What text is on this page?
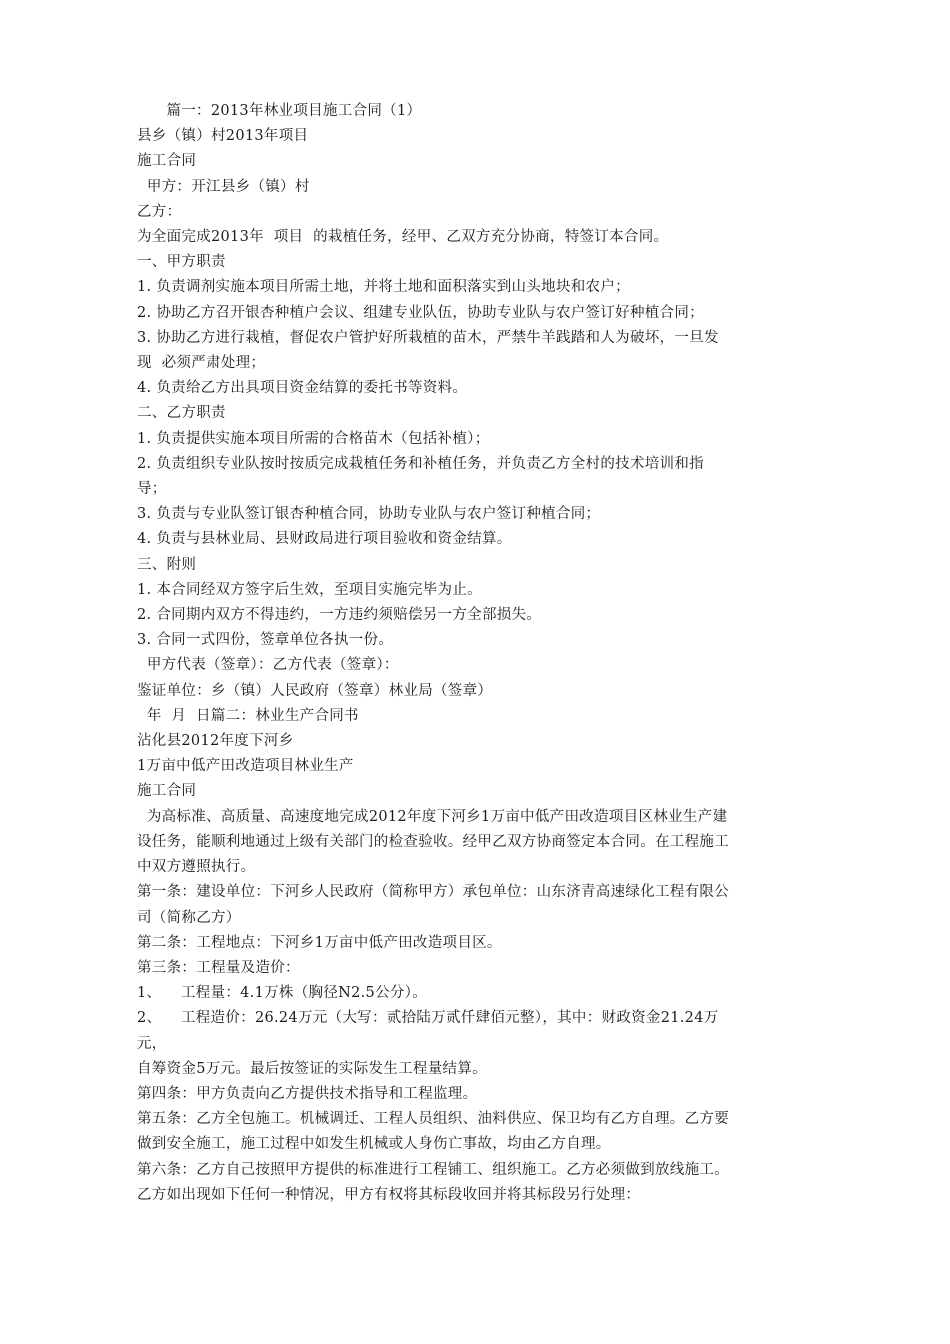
篇一：2013年林业项目施工合同（1）
县乡（镇）村2013年项目
施工合同
甲方：开江县乡（镇）村
乙方：
为全面完成2013年  项目  的栽植任务，经甲、乙双方充分协商，特签订本合同。
一、甲方职责
1. 负责调剂实施本项目所需土地，并将土地和面积落实到山头地块和农户；
2. 协助乙方召开银杏种植户会议、组建专业队伍，协助专业队与农户签订好种植合同；
3. 协助乙方进行栽植，督促农户管护好所栽植的苗木，严禁牛羊践踏和人为破坏，一旦发
现  必须严肃处理；
4. 负责给乙方出具项目资金结算的委托书等资料。
二、乙方职责
1. 负责提供实施本项目所需的合格苗木（包括补植）；
2. 负责组织专业队按时按质完成栽植任务和补植任务，并负责乙方全村的技术培训和指
导；
3. 负责与专业队签订银杏种植合同，协助专业队与农户签订种植合同；
4. 负责与县林业局、县财政局进行项目验收和资金结算。
三、附则
1. 本合同经双方签字后生效，至项目实施完毕为止。
2. 合同期内双方不得违约，一方违约须赔偿另一方全部损失。
3. 合同一式四份，签章单位各执一份。
甲方代表（签章）：乙方代表（签章）：
鉴证单位：乡（镇）人民政府（签章）林业局（签章）
年  月  日篇二：林业生产合同书
沾化县2012年度下河乡
1万亩中低产田改造项目林业生产
施工合同
为高标准、高质量、高速度地完成2012年度下河乡1万亩中低产田改造项目区林业生产建
设任务，能顺利地通过上级有关部门的检查验收。经甲乙双方协商签定本合同。在工程施工
中双方遵照执行。
第一条：建设单位：下河乡人民政府（简称甲方）承包单位：山东济青高速绿化工程有限公
司（简称乙方）
第二条：工程地点：下河乡1万亩中低产田改造项目区。
第三条：工程量及造价：
1、    工程量：4.1万株（胸径N2.5公分）。
2、    工程造价：26.24万元（大写：贰拾陆万贰仟肆佰元整），其中：财政资金21.24万
元，
自筹资金5万元。最后按签证的实际发生工程量结算。
第四条：甲方负责向乙方提供技术指导和工程监理。
第五条：乙方全包施工。机械调迁、工程人员组织、油料供应、保卫均有乙方自理。乙方要
做到安全施工，施工过程中如发生机械或人身伤亡事故，均由乙方自理。
第六条：乙方自己按照甲方提供的标准进行工程铺工、组织施工。乙方必须做到放线施工。
乙方如出现如下任何一种情况，甲方有权将其标段收回并将其标段另行处理：
